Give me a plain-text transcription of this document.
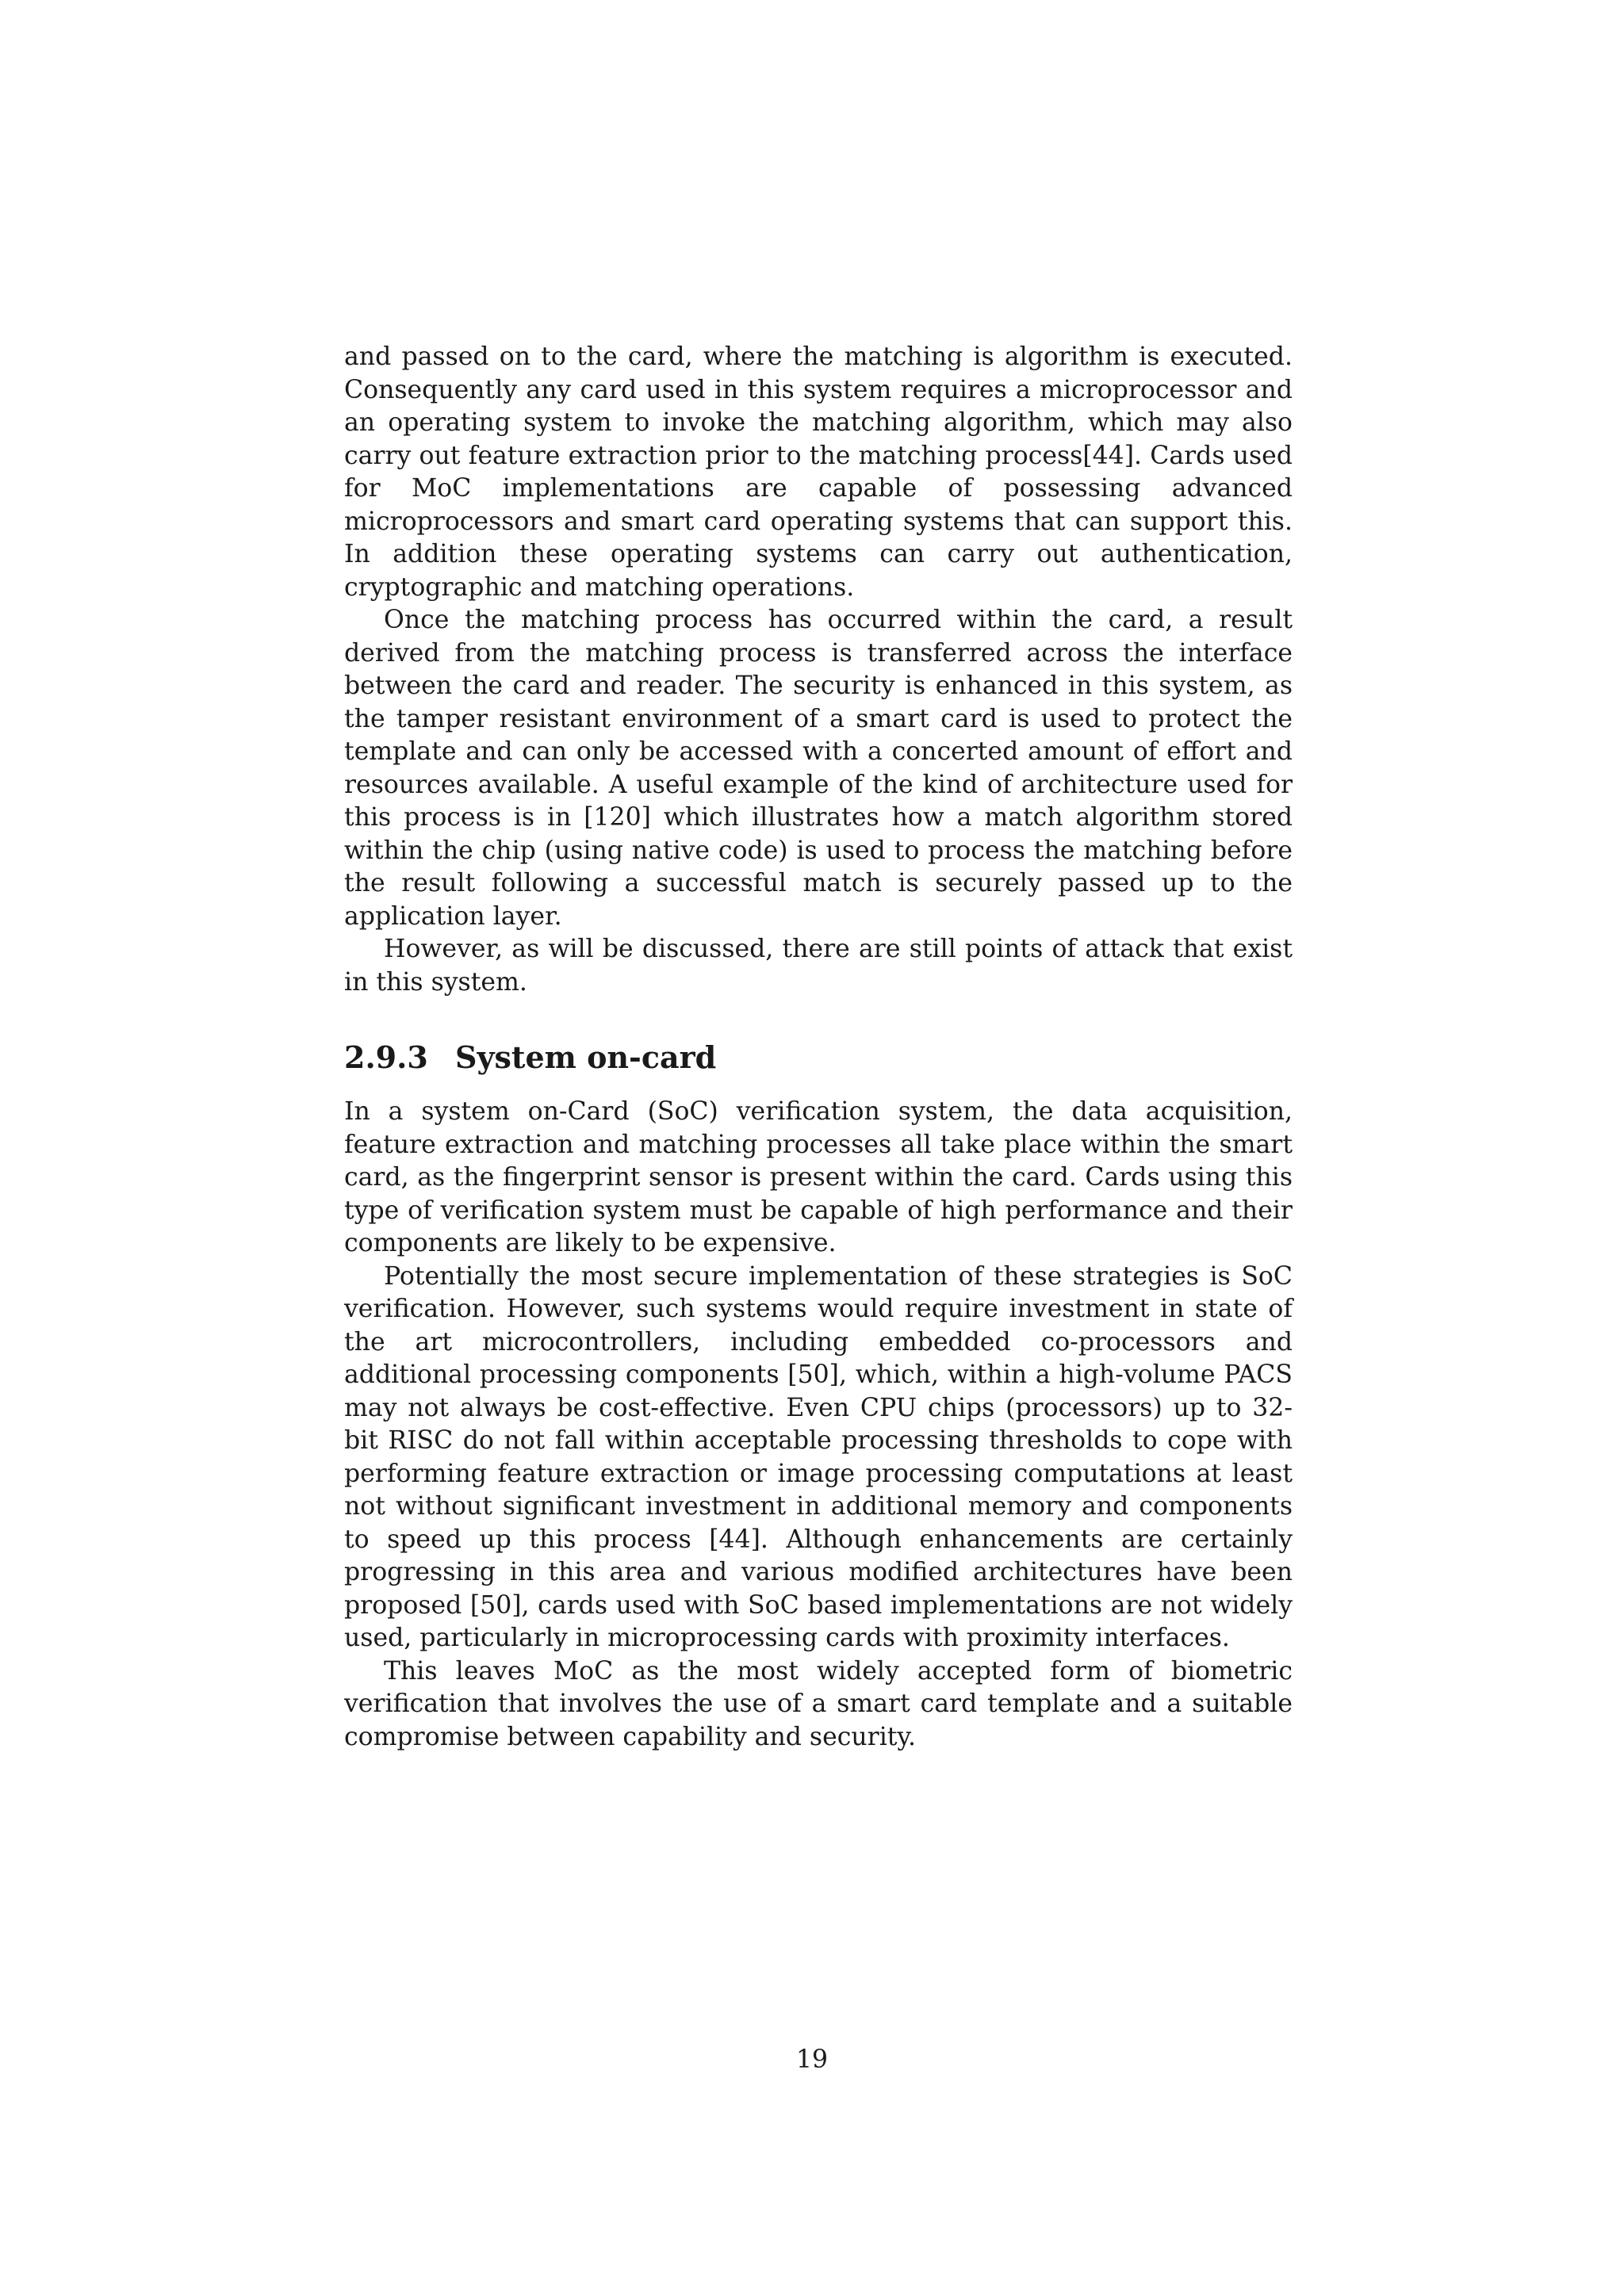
and passed on to the card, where the matching is algorithm is executed. Consequently any card used in this system requires a microprocessor and an operating system to invoke the matching algorithm, which may also carry out feature extraction prior to the matching process[44]. Cards used for MoC implementations are capable of possessing advanced microprocessors and smart card operating systems that can support this. In addition these operating systems can carry out authentication, cryptographic and matching operations.

Once the matching process has occurred within the card, a result derived from the matching process is transferred across the interface between the card and reader. The security is enhanced in this system, as the tamper resistant environment of a smart card is used to protect the template and can only be accessed with a concerted amount of effort and resources available. A useful example of the kind of architecture used for this process is in [120] which illustrates how a match algorithm stored within the chip (using native code) is used to process the matching before the result following a successful match is securely passed up to the application layer.

However, as will be discussed, there are still points of attack that exist in this system.

2.9.3 System on-card

In a system on-Card (SoC) verification system, the data acquisition, feature extraction and matching processes all take place within the smart card, as the fingerprint sensor is present within the card. Cards using this type of verification system must be capable of high performance and their components are likely to be expensive.

Potentially the most secure implementation of these strategies is SoC verification. However, such systems would require investment in state of the art microcontrollers, including embedded co-processors and additional processing components [50], which, within a high-volume PACS may not always be cost-effective. Even CPU chips (processors) up to 32-bit RISC do not fall within acceptable processing thresholds to cope with performing feature extraction or image processing computations at least not without significant investment in additional memory and components to speed up this process [44]. Although enhancements are certainly progressing in this area and various modified architectures have been proposed [50], cards used with SoC based implementations are not widely used, particularly in microprocessing cards with proximity interfaces.

This leaves MoC as the most widely accepted form of biometric verification that involves the use of a smart card template and a suitable compromise between capability and security.

19
